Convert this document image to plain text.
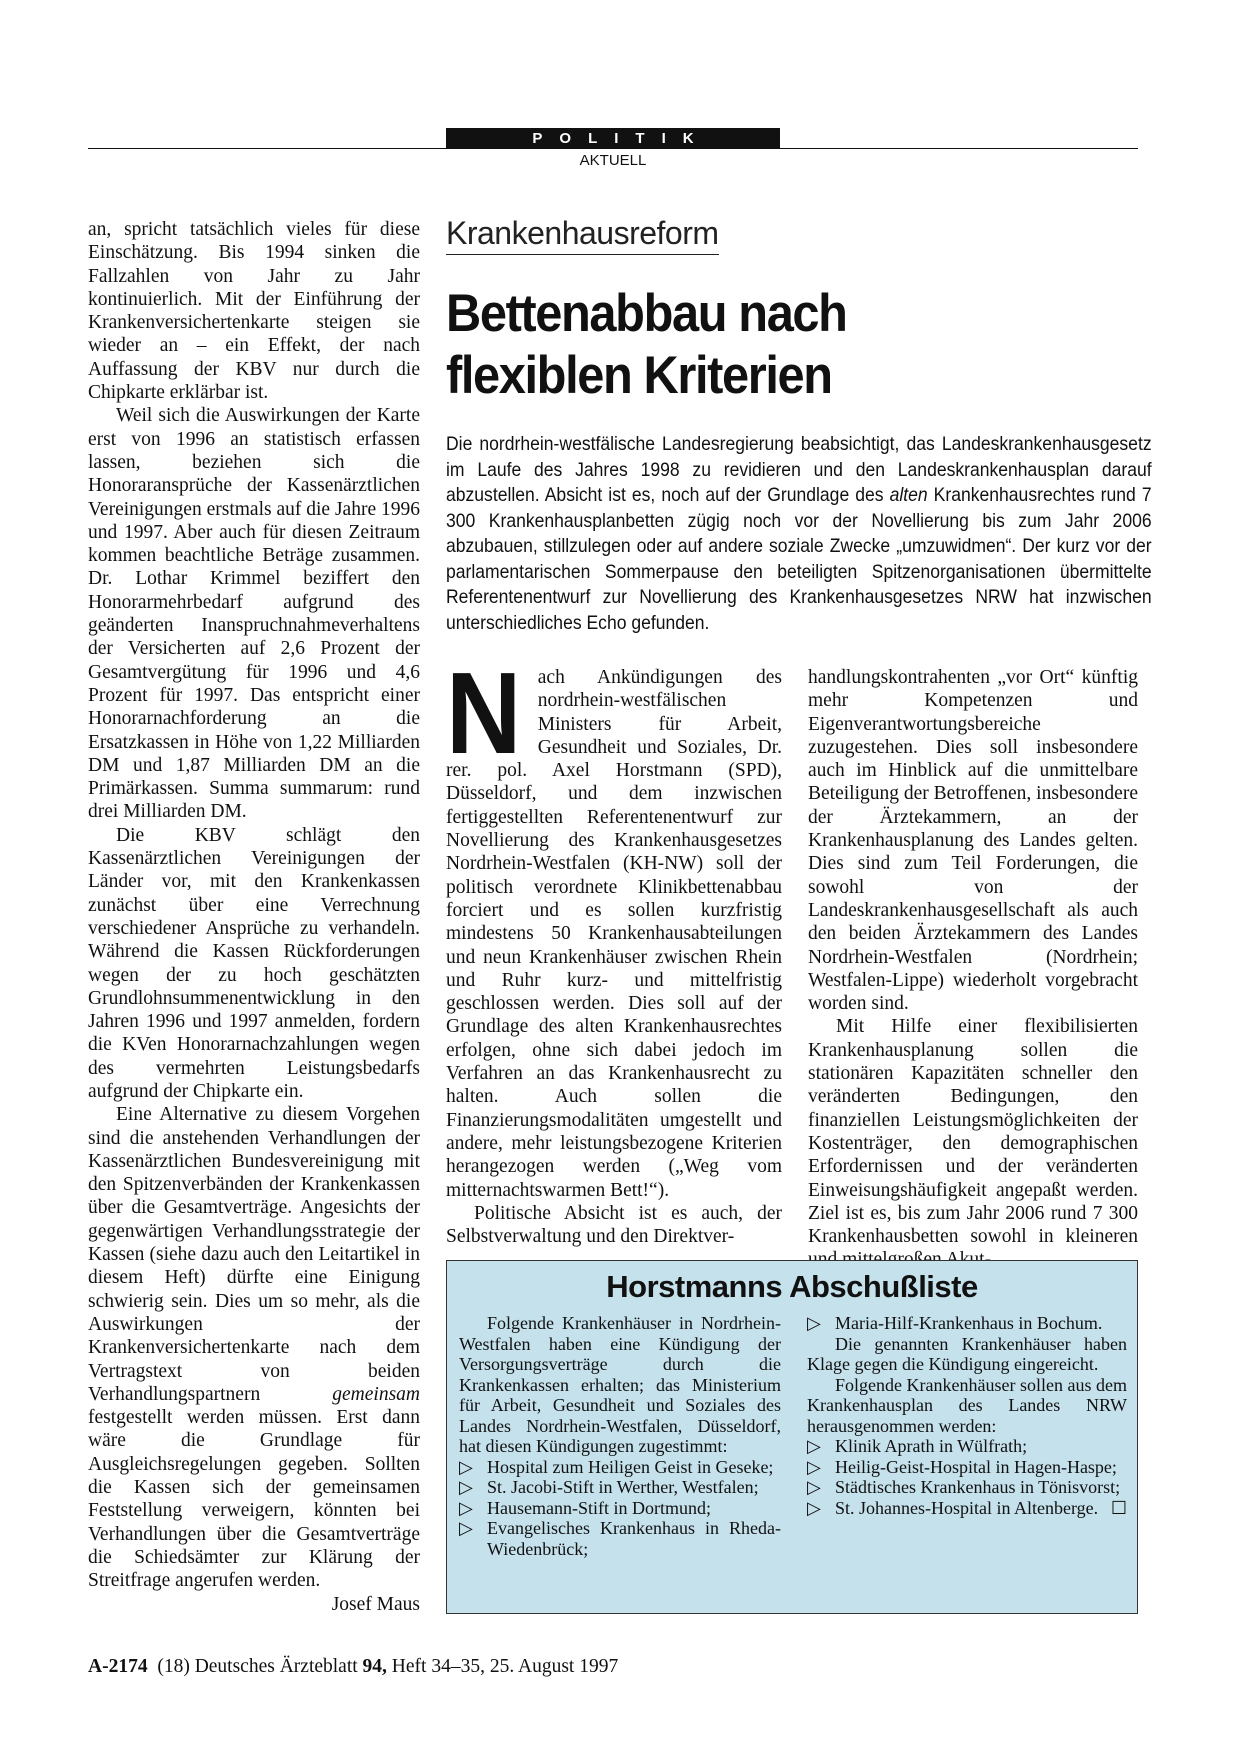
POLITIK
AKTUELL

an, spricht tatsächlich vieles für diese Einschätzung. Bis 1994 sinken die Fallzahlen von Jahr zu Jahr kontinuierlich. Mit der Einführung der Krankenversichertenkarte steigen sie wieder an – ein Effekt, der nach Auffassung der KBV nur durch die Chipkarte erklärbar ist.

Weil sich die Auswirkungen der Karte erst von 1996 an statistisch erfassen lassen, beziehen sich die Honoraransprüche der Kassenärztlichen Vereinigungen erstmals auf die Jahre 1996 und 1997. Aber auch für diesen Zeitraum kommen beachtliche Beträge zusammen. Dr. Lothar Krimmel beziffert den Honorarmehrbedarf aufgrund des geänderten Inanspruchnahmeverhaltens der Versicherten auf 2,6 Prozent der Gesamtvergütung für 1996 und 4,6 Prozent für 1997. Das entspricht einer Honorarnachforderung an die Ersatzkassen in Höhe von 1,22 Milliarden DM und 1,87 Milliarden DM an die Primärkassen. Summa summarum: rund drei Milliarden DM.

Die KBV schlägt den Kassenärztlichen Vereinigungen der Länder vor, mit den Krankenkassen zunächst über eine Verrechnung verschiedener Ansprüche zu verhandeln. Während die Kassen Rückforderungen wegen der zu hoch geschätzten Grundlohnsummenentwicklung in den Jahren 1996 und 1997 anmelden, fordern die KVen Honorarnachzahlungen wegen des vermehrten Leistungsbedarfs aufgrund der Chipkarte ein.

Eine Alternative zu diesem Vorgehen sind die anstehenden Verhandlungen der Kassenärztlichen Bundesvereinigung mit den Spitzenverbänden der Krankenkassen über die Gesamtverträge. Angesichts der gegenwärtigen Verhandlungsstrategie der Kassen (siehe dazu auch den Leitartikel in diesem Heft) dürfte eine Einigung schwierig sein. Dies um so mehr, als die Auswirkungen der Krankenversichertenkarte nach dem Vertragstext von beiden Verhandlungspartnern gemeinsam festgestellt werden müssen. Erst dann wäre die Grundlage für Ausgleichsregelungen gegeben. Sollten die Kassen sich der gemeinsamen Feststellung verweigern, könnten bei Verhandlungen über die Gesamtverträge die Schiedsämter zur Klärung der Streitfrage angerufen werden.
Josef Maus

Krankenhausreform
Bettenabbau nach
flexiblen Kriterien
Die nordrhein-westfälische Landesregierung beabsichtigt, das Landeskrankenhausgesetz im Laufe des Jahres 1998 zu revidieren und den Landeskrankenhausplan darauf abzustellen. Absicht ist es, noch auf der Grundlage des alten Krankenhausrechtes rund 7 300 Krankenhausplanbetten zügig noch vor der Novellierung bis zum Jahr 2006 abzubauen, stillzulegen oder auf andere soziale Zwecke „umzuwidmen“. Der kurz vor der parlamentarischen Sommerpause den beteiligten Spitzenorganisationen übermittelte Referentenentwurf zur Novellierung des Krankenhausgesetzes NRW hat inzwischen unterschiedliches Echo gefunden.

Nach Ankündigungen des nordrhein-westfälischen Ministers für Arbeit, Gesundheit und Soziales, Dr. rer. pol. Axel Horstmann (SPD), Düsseldorf, und dem inzwischen fertiggestellten Referentenentwurf zur Novellierung des Krankenhausgesetzes Nordrhein-Westfalen (KH-NW) soll der politisch verordnete Klinikbettenabbau forciert und es sollen kurzfristig mindestens 50 Krankenhausabteilungen und neun Krankenhäuser zwischen Rhein und Ruhr kurz- und mittelfristig geschlossen werden. Dies soll auf der Grundlage des alten Krankenhausrechtes erfolgen, ohne sich dabei jedoch im Verfahren an das Krankenhausrecht zu halten. Auch sollen die Finanzierungsmodalitäten umgestellt und andere, mehr leistungsbezogene Kriterien herangezogen werden („Weg vom mitternachtswarmen Bett!“).

Politische Absicht ist es auch, der Selbstverwaltung und den Direktver-

handlungskontrahenten „vor Ort“ künftig mehr Kompetenzen und Eigenverantwortungsbereiche zuzugestehen. Dies soll insbesondere auch im Hinblick auf die unmittelbare Beteiligung der Betroffenen, insbesondere der Ärztekammern, an der Krankenhausplanung des Landes gelten. Dies sind zum Teil Forderungen, die sowohl von der Landeskrankenhausgesellschaft als auch den beiden Ärztekammern des Landes Nordrhein-Westfalen (Nordrhein; Westfalen-Lippe) wiederholt vorgebracht worden sind.

Mit Hilfe einer flexibilisierten Krankenhausplanung sollen die stationären Kapazitäten schneller den veränderten Bedingungen, den finanziellen Leistungsmöglichkeiten der Kostenträger, den demographischen Erfordernissen und der veränderten Einweisungshäufigkeit angepaßt werden. Ziel ist es, bis zum Jahr 2006 rund 7 300 Krankenhausbetten sowohl in kleineren

Horstmanns Abschußliste

Folgende Krankenhäuser in Nordrhein-Westfalen haben eine Kündigung der Versorgungsverträge durch die Krankenkassen erhalten; das Ministerium für Arbeit, Gesundheit und Soziales des Landes Nordrhein-Westfalen, Düsseldorf, hat diesen Kündigungen zugestimmt:

▷ Hospital zum Heiligen Geist in Geseke;
▷ St. Jacobi-Stift in Werther, Westfalen;
▷ Hausemann-Stift in Dortmund;
▷ Evangelisches Krankenhaus in Rheda-Wiedenbrück;
▷ Maria-Hilf-Krankenhaus in Bochum.

Die genannten Krankenhäuser haben Klage gegen die Kündigung eingereicht.

Folgende Krankenhäuser sollen aus dem Krankenhausplan des Landes NRW herausgenommen werden:

▷ Klinik Aprath in Wülfrath;
▷ Heilig-Geist-Hospital in Hagen-Haspe;
▷ Städtisches Krankenhaus in Tönisvorst;
▷ St. Johannes-Hospital in Altenberge. ☐
A-2174 (18) Deutsches Ärzteblatt 94, Heft 34–35, 25. August 1997
